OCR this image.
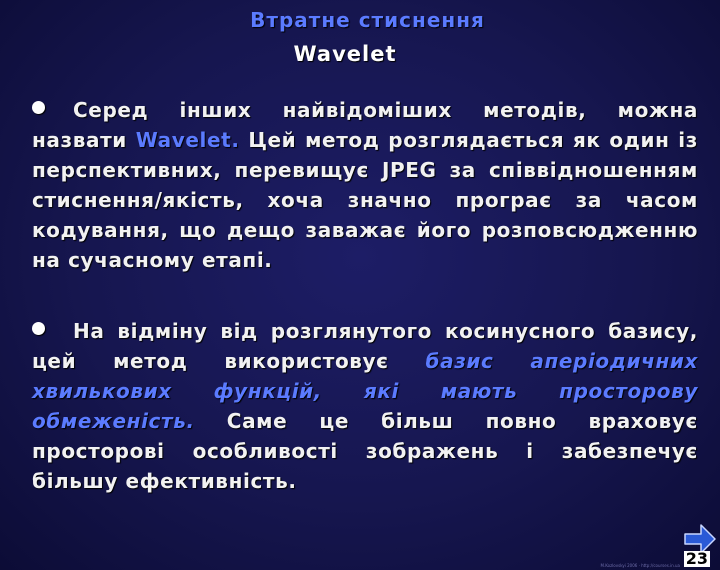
Втратне стиснення
Wavelet
Серед інших найвідоміших методів, можна назвати Wavelet. Цей метод розглядається як один із перспективних, перевищує JPEG за співвідношенням стиснення/якість, хоча значно програє за часом кодування, що дещо заважає його розповсюдженню на сучасному етапі.
На відміну від розглянутого косинусного базису, цей метод використовує базис аперіодичних хвилькових функцій, які мають просторову обмеженість. Саме це більш повно враховує просторові особливості зображень і забезпечує більшу ефективність.
M.Kozlovskyi 2006 · http://courses.in.ua 23
